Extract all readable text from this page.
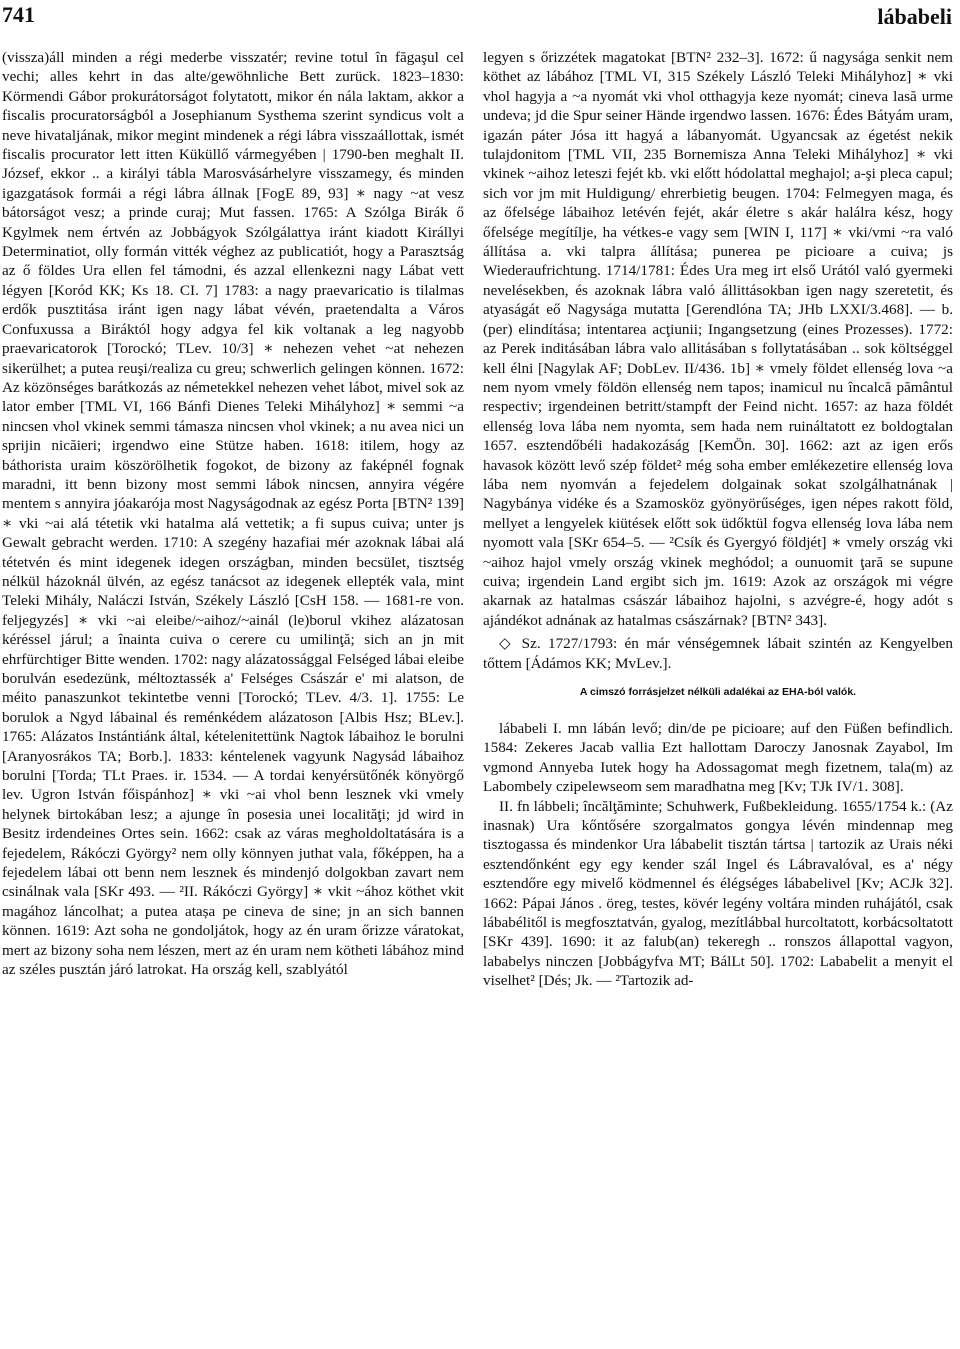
741	lábabeli

(vissza)áll minden a régi mederbe visszatér; revine totul în făgaşul cel vechi; alles kehrt in das alte/gewöhnliche Bett zurück. 1823–1830: Körmendi Gábor prokurátorságot folytatott, mikor én nála laktam, akkor a fiscalis procuratorságból a Josephianum Systhema szerint syndicus volt a neve hivataljának, mikor megint mindenek a régi lábra visszaállottak, ismét fiscalis procurator lett itten Küküllő vármegyében | 1790-ben meghalt II. József, ekkor .. a királyi tábla Marosvásárhelyre visszamegy, és minden igazgatások formái a régi lábra állnak [FogE 89, 93] ∗ nagy ~at vesz bátorságot vesz; a prinde curaj; Mut fassen. 1765: A Szólga Birák ő Kgylmek nem értvén az Jobbágyok Szólgálattya iránt kiadott Királlyi Determinatiot, olly formán vitték véghez az publicatiót, hogy a Parasztság az ő földes Ura ellen fel támodni, és azzal ellenkezni nagy Lábat vett légyen [Koród KK; Ks 18. CI. 7] 1783: a nagy praevaricatio is tilalmas erdők pusztitása iránt igen nagy lábat vévén, praetendalta a Város Confuxussa a Biráktól hogy adgya fel kik voltanak a leg nagyobb praevaricatorok [Torockó; TLev. 10/3] ∗ nehezen vehet ~at nehezen sikerülhet; a putea reuşi/realiza cu greu; schwerlich gelingen können. 1672: Az közönséges barátkozás az németekkel nehezen vehet lábot, mivel sok az lator ember [TML VI, 166 Bánfi Dienes Teleki Mihályhoz] ∗ semmi ~a nincsen vhol vkinek semmi támasza nincsen vhol vkinek; a nu avea nici un sprijin nicăieri; irgendwo eine Stütze haben. 1618: itilem, hogy az báthorista uraim köszörölhetik fogokot, de bizony az faképnél fognak maradni, itt benn bizony most semmi lábok nincsen, annyira végére mentem s annyira jóakarója most Nagyságodnak az egész Porta [BTN² 139] ∗ vki ~ai alá tétetik vki hatalma alá vettetik; a fi supus cuiva; unter js Gewalt gebracht werden. 1710: A szegény hazafiai mér azoknak lábai alá tétetvén és mint idegenek idegen országban, minden becsület, tisztség nélkül házoknál ülvén, az egész tanácsot az idegenek ellepték vala, mint Teleki Mihály, Naláczi István, Székely László [CsH 158. — 1681-re von. feljegyzés] ∗ vki ~ai eleibe/~aihoz/~ainál (le)borul vkihez alázatosan kéréssel járul; a înainta cuiva o cerere cu umilinţă; sich an jn mit ehrfürchtiger Bitte wenden. 1702: nagy alázatossággal Felséged lábai eleibe borulván esedezünk, méltoztassék a' Felséges Császár e' mi alatson, de méito panaszunkot tekintetbe venni [Torockó; TLev. 4/3. 1]. 1755: Le borulok a Ngyd lábainal és reménkédem alázatoson [Albis Hsz; BLev.]. 1765: Alázatos Instántiánk által, kételenitettünk Nagtok lábaihoz le borulni [Aranyosrákos TA; Borb.]. 1833: kéntelenek vagyunk Nagysád lábaihoz borulni [Torda; TLt Praes. ir. 1534. — A tordai kenyérsütőnék könyörgő lev. Ugron István főispánhoz] ∗ vki ~ai vhol benn lesznek vki vmely helynek birtokában lesz; a ajunge în posesia unei localităţi; jd wird in Besitz irdendeines Ortes sein. 1662: csak az váras megholdoltatására is a fejedelem, Rákóczi György² nem olly könnyen juthat vala, főképpen, ha a fejedelem lábai ott benn nem lesznek és mindenjó dolgokban zavart nem csinálnak vala [SKr 493. — ²II. Rákóczi György] ∗ vkit ~ához köthet vkit magához láncolhat; a putea atașa pe cineva de sine; jn an sich bannen können. 1619: Azt soha ne gondoljátok, hogy az én uram őrizze váratokat, mert az bizony soha nem lészen, mert az én uram nem kötheti lábához mind az széles pusztán járó latrokat. Ha ország kell, szablyától

legyen s őrizzétek magatokat [BTN² 232–3]. 1672: ű nagysága senkit nem köthet az lábához [TML VI, 315 Székely László Teleki Mihályhoz] ∗ vki vhol hagyja a ~a nyomát vki vhol otthagyja keze nyomát; cineva lasă urme undeva; jd die Spur seiner Hände irgendwo lassen. 1676: Édes Bátyám uram, igazán páter Jósa itt hagyá a lábanyomát. Ugyancsak az égetést nekik tulajdonitom [TML VII, 235 Bornemisza Anna Teleki Mihályhoz] ∗ vki vkinek ~aihoz leteszi fejét kb. vki előtt hódolattal meghajol; a-şi pleca capul; sich vor jm mit Huldigung/ ehrerbietig beugen. 1704: Felmegyen maga, és az őfelsége lábaihoz letévén fejét, akár életre s akár halálra kész, hogy őfelsége megítílje, ha vétkes-e vagy sem [WIN I, 117] ∗ vki/vmi ~ra való állítása a. vki talpra állítása; punerea pe picioare a cuiva; js Wiederaufrichtung. 1714/1781: Édes Ura meg irt első Urától való gyermeki nevelésekben, és azoknak lábra való állittásokban igen nagy szeretetit, és atyaságát eő Nagysága mutatta [Gerendlóna TA; JHb LXXI/3.468]. — b. (per) elindítása; intentarea acţiunii; Ingangsetzung (eines Prozesses). 1772: az Perek inditásában lábra valo allitásában s follytatásában .. sok költséggel kell élni [Nagylak AF; DobLev. II/436. 1b] ∗ vmely földet ellenség lova ~a nem nyom vmely földön ellenség nem tapos; inamicul nu încalcă pământul respectiv; irgendeinen betritt/stampft der Feind nicht. 1657: az haza földét ellenség lova lába nem nyomta, sem hada nem ruináltatott ez boldogtalan 1657. esztendőbéli hadakozáság [KemÖn. 30]. 1662: azt az igen erős havasok között levő szép földet² még soha ember emlékezetire ellenség lova lába nem nyomván a fejedelem dolgainak sokat szolgálhatnának | Nagybánya vidéke és a Szamosköz gyönyörűséges, igen népes rakott föld, mellyet a lengyelek kiütések előtt sok üdőktül fogva ellenség lova lába nem nyomott vala [SKr 654–5. — ²Csík és Gyergyó földjét] ∗ vmely ország vki ~aihoz hajol vmely ország vkinek meghódol; a ounuomit ţară se supune cuiva; irgendein Land ergibt sich jm. 1619: Azok az országok mi végre akarnak az hatalmas császár lábaihoz hajolni, s azvégre-é, hogy adót s ajándékot adnának az hatalmas császárnak? [BTN² 343].

◇ Sz. 1727/1793: én már vénségemnek lábait szintén az Kengyelben tőttem [Ádámos KK; MvLev.].

A cimszó forrásjelzet nélküli adalékai az EHA-ból valók.

lábabeli I. mn lábán levő; din/de pe picioare; auf den Füßen befindlich. 1584: Zekeres Jacab vallia Ezt hallottam Daroczy Janosnak Zayabol, Im vgmond Annyeba Iutek hogy ha Adossagomat megh fizetnem, tala(m) az Labombely czipelewseom sem maradhatna meg [Kv; TJk IV/1. 308].

II. fn lábbeli; încălţăminte; Schuhwerk, Fußbekleidung. 1655/1754 k.: (Az inasnak) Ura kőntősére szorgalmatos gongya lévén mindennap meg tisztogassa és mindenkor Ura lábabelit tisztán tártsa | tartozik az Urais néki esztendőnként egy egy kender szál Ingel és Lábravalóval, es a' négy esztendőre egy mivelő ködmennel és élégséges lábabelivel [Kv; ACJk 32]. 1662: Pápai János . öreg, testes, kövér legény voltára minden ruhájától, csak lábabélitől is megfosztatván, gyalog, mezítlábbal hurcoltatott, korbácsoltatott [SKr 439]. 1690: it az falub(an) tekeregh .. ronszos állapottal vagyon, lababelys ninczen [Jobbágyfva MT; BálLt 50]. 1702: Lababelit a menyit el viselhet² [Dés; Jk. — ²Tartozik ad-
